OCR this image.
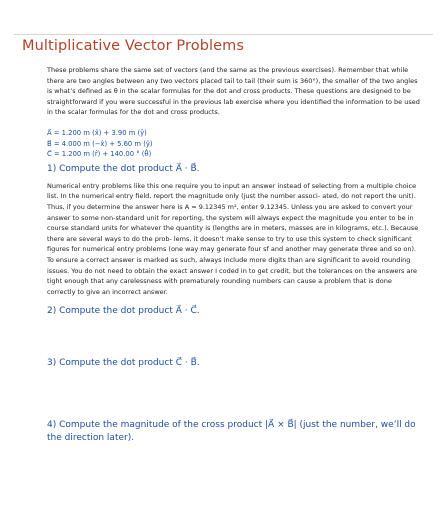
Multiplicative Vector Problems

These problems share the same set of vectors (and the same as the previous exercises). Remember that while there are two angles between any two vectors placed tail to tail (their sum is 360°), the smaller of the two angles is what’s defined as θ in the scalar formulas for the dot and cross products. These questions are designed to be straightforward if you were successful in the previous lab exercise where you identified the information to be used in the scalar formulas for the dot and cross products.

A⃗ = 1.200 m (x̂) + 3.90 m (ŷ)
B⃗ = 4.000 m (−x̂) + 5.60 m (ŷ)
C⃗ = 1.200 m (r̂) + 140.00 ° (θ̂)
1) Compute the dot product A⃗ · B⃗.

Numerical entry problems like this one require you to input an answer instead of selecting from a multiple choice list. In the numerical entry field, report the magnitude only (just the number associ- ated, do not report the unit). Thus, if you determine the answer here is A = 9.12345 m², enter 9.12345. Unless you are asked to convert your answer to some non-standard unit for reporting, the system will always expect the magnitude you enter to be in course standard units for whatever the quantity is (lengths are in meters, masses are in kilograms, etc.). Because there are several ways to do the prob- lems, it doesn’t make sense to try to use this system to check significant figures for numerical entry problems (one way may generate four sf and another may generate three and so on). To ensure a correct answer is marked as such, always include more digits than are significant to avoid rounding issues. You do not need to obtain the exact answer I coded in to get credit, but the tolerances on the answers are tight enough that any carelessness with prematurely rounding numbers can cause a problem that is done correctly to give an incorrect answer.

2) Compute the dot product A⃗ · C⃗.
3) Compute the dot product C⃗ · B⃗.
4) Compute the magnitude of the cross product |A⃗ × B⃗| (just the number, we’ll do the direction later).
